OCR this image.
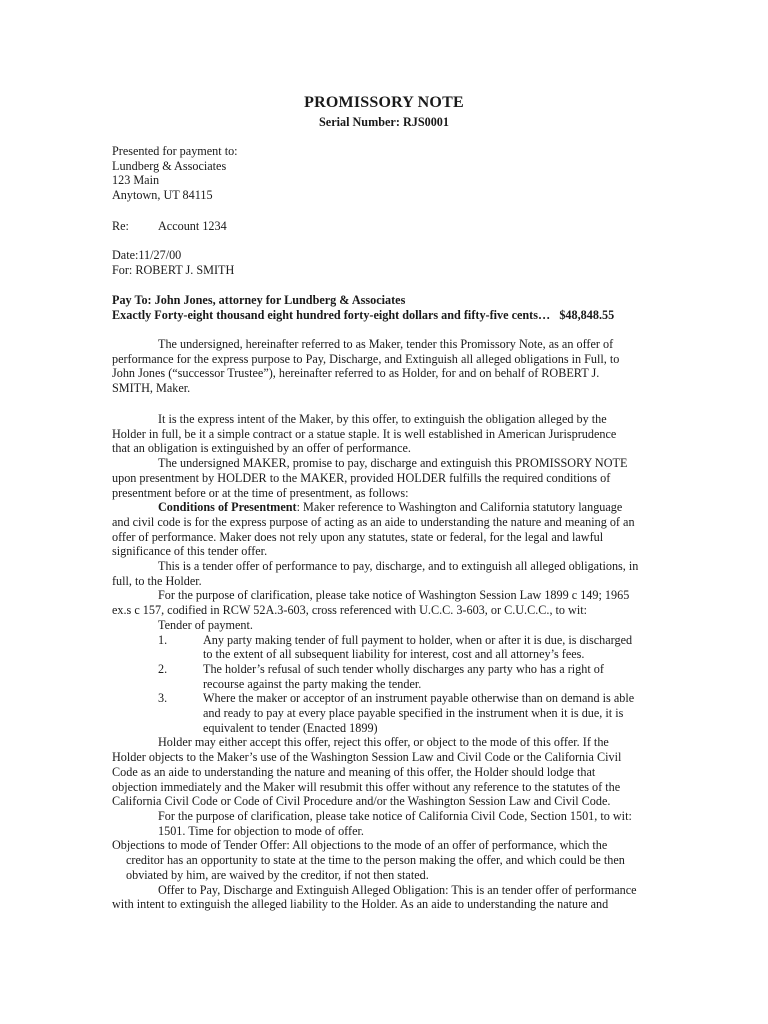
PROMISSORY NOTE
Serial Number: RJS0001
Presented for payment to:
Lundberg & Associates
123 Main
Anytown, UT 84115
Re: Account 1234
Date:11/27/00
For: ROBERT J. SMITH
Pay To: John Jones, attorney for Lundberg & Associates
Exactly Forty-eight thousand eight hundred forty-eight dollars and fifty-five cents… $48,848.55
The undersigned, hereinafter referred to as Maker, tender this Promissory Note, as an offer of
performance for the express purpose to Pay, Discharge, and Extinguish all alleged obligations in Full, to
John Jones (“successor Trustee”), hereinafter referred to as Holder, for and on behalf of ROBERT J.
SMITH, Maker.
It is the express intent of the Maker, by this offer, to extinguish the obligation alleged by the
Holder in full, be it a simple contract or a statue staple. It is well established in American Jurisprudence
that an obligation is extinguished by an offer of performance.
The undersigned MAKER, promise to pay, discharge and extinguish this PROMISSORY NOTE
upon presentment by HOLDER to the MAKER, provided HOLDER fulfills the required conditions of
presentment before or at the time of presentment, as follows:
Conditions of Presentment: Maker reference to Washington and California statutory language
and civil code is for the express purpose of acting as an aide to understanding the nature and meaning of an
offer of performance. Maker does not rely upon any statutes, state or federal, for the legal and lawful
significance of this tender offer.
This is a tender offer of performance to pay, discharge, and to extinguish all alleged obligations, in
full, to the Holder.
For the purpose of clarification, please take notice of Washington Session Law 1899 c 149; 1965
ex.s c 157, codified in RCW 52A.3-603, cross referenced with U.C.C. 3-603, or C.U.C.C., to wit:
Tender of payment.
1.	Any party making tender of full payment to holder, when or after it is due, is discharged
to the extent of all subsequent liability for interest, cost and all attorney’s fees.
2.	The holder’s refusal of such tender wholly discharges any party who has a right of
recourse against the party making the tender.
3.	Where the maker or acceptor of an instrument payable otherwise than on demand is able
and ready to pay at every place payable specified in the instrument when it is due, it is
equivalent to tender (Enacted 1899)
Holder may either accept this offer, reject this offer, or object to the mode of this offer. If the
Holder objects to the Maker’s use of the Washington Session Law and Civil Code or the California Civil
Code as an aide to understanding the nature and meaning of this offer, the Holder should lodge that
objection immediately and the Maker will resubmit this offer without any reference to the statutes of the
California Civil Code or Code of Civil Procedure and/or the Washington Session Law and Civil Code.
For the purpose of clarification, please take notice of California Civil Code, Section 1501, to wit:
1501. Time for objection to mode of offer.
Objections to mode of Tender Offer: All objections to the mode of an offer of performance, which the
creditor has an opportunity to state at the time to the person making the offer, and which could be then
obviated by him, are waived by the creditor, if not then stated.
Offer to Pay, Discharge and Extinguish Alleged Obligation: This is an tender offer of performance
with intent to extinguish the alleged liability to the Holder. As an aide to understanding the nature and
